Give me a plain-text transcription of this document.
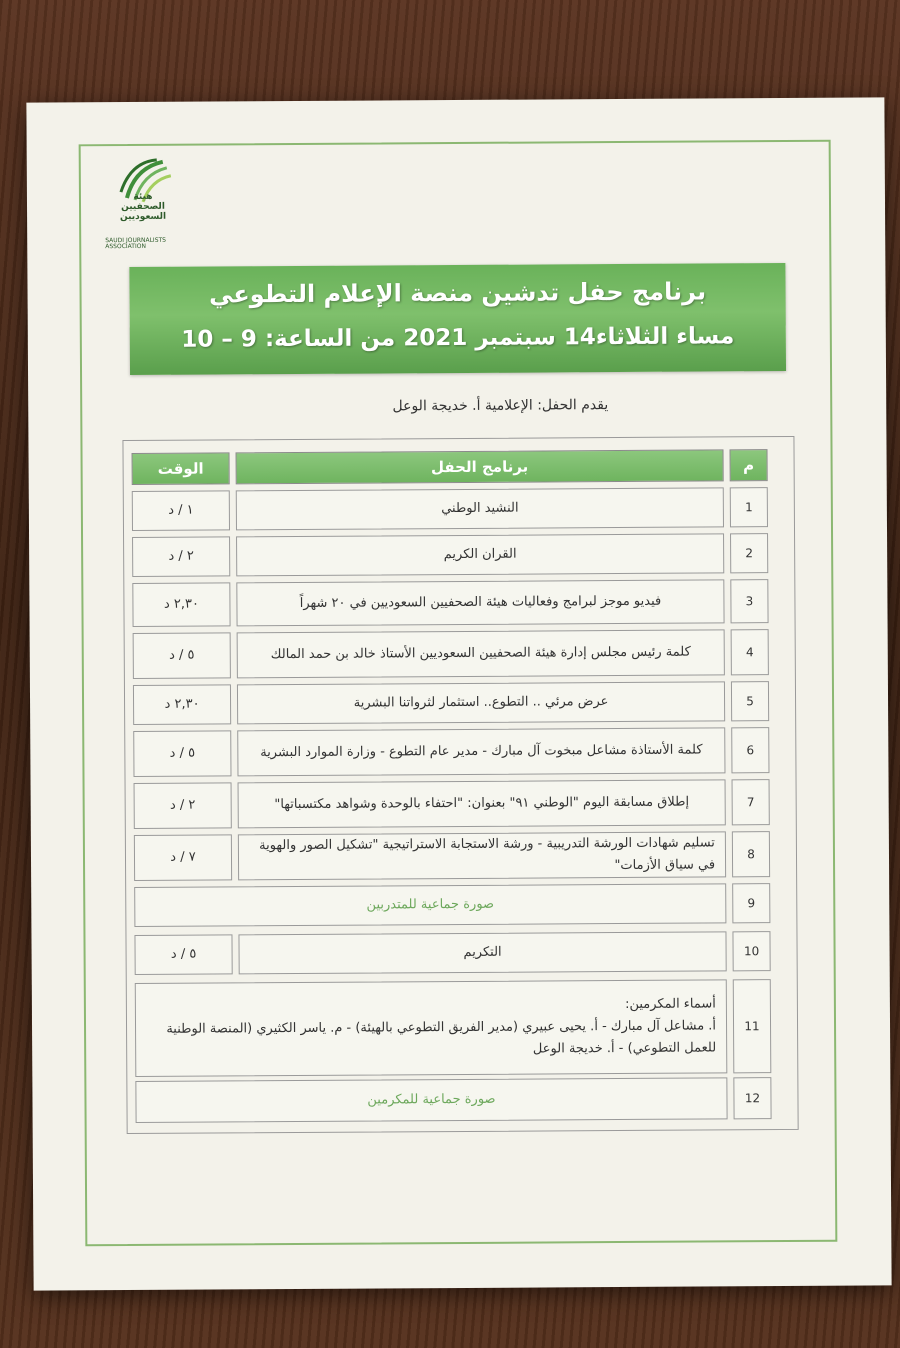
هيئة الصحفيين السعوديين
SAUDI JOURNALISTS ASSOCIATION
برنامج حفل تدشين منصة الإعلام التطوعي
مساء الثلاثاء14 سبتمبر 2021 من الساعة: 9 – 10
يقدم الحفل: الإعلامية أ. خديجة الوعل
م
برنامج الحفل
الوقت
1
النشيد الوطني
١ / د
2
القران الكريم
٢ / د
3
فيديو موجز لبرامج وفعاليات هيئة الصحفيين السعوديين في ٢٠ شهراً
٢,٣٠ د
4
كلمة رئيس مجلس إدارة هيئة الصحفيين السعوديين الأستاذ خالد بن حمد المالك
٥ / د
5
عرض مرئي .. التطوع.. استثمار لثرواتنا البشرية
٢,٣٠ د
6
كلمة الأستاذة مشاعل مبخوت آل مبارك - مدير عام التطوع - وزارة الموارد البشرية
٥ / د
7
إطلاق مسابقة اليوم "الوطني ٩١" بعنوان: "احتفاء بالوحدة وشواهد مكتسباتها"
٢ / د
8
تسليم شهادات الورشة التدريبية - ورشة الاستجابة الاستراتيجية "تشكيل الصور والهوية في سياق الأزمات"
٧ / د
9
صورة جماعية للمتدربين
10
التكريم
٥ / د
11
أسماء المكرمين:
أ. مشاعل آل مبارك - أ. يحيى عبيري (مدير الفريق التطوعي بالهيئة) - م. ياسر الكثيري (المنصة الوطنية للعمل التطوعي) - أ. خديجة الوعل
12
صورة جماعية للمكرمين
